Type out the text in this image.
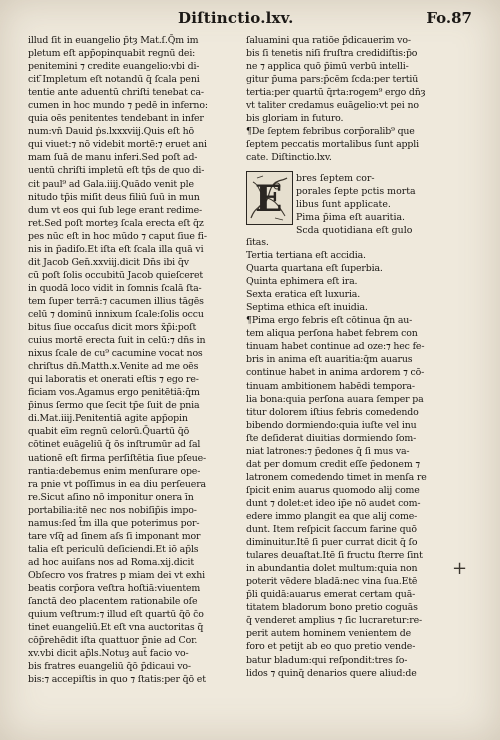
Diſtinctio.lxv.	Fo.87
illud ſit in euangelio p̄tȝ Mat.ſ.Q̄m im
pletum eſt app̄opinquabit regnū dei:
penitemini ⁊ credite euangelio:vbi di-
cit ̄Impletum eſt notandū q̄ ſcala peni
tentie ante aduentū chriſti tenebat ca-
cumen in hoc mundo ⁊ pedē in inferno:
quia oēs penitentes tendebant in infer
num:vn̄ Dauid ṗs.lxxxviij.Quis eſt hō
qui viuet:⁊ nō videbit mortē:⁊ eruet ani
mam ſuā de manu inferi.Sed poſt ad-
uentū chriſti impletū eſt tp̄s de quo di-
cit paul⁹ ad Gala.iiij.Quādo venit ple
nitudo tp̄is miſit deus filiū ſuū in mun
dum vt eos qui ſub lege erant redime-
ret.Sed poſt morteȝ ſcala erecta eſt q̄z
pes nūc eſt in hoc mūdo ⁊ caput ſiue fi-
nis in p̄adiſo.Et iſta eſt ſcala illa quā vi
dit Jacob Gen̄.xxviij.dicit Dn̄s ibi q̄v
cū poſt ſolis occubitū Jacob quieſceret
in quodā loco vidit in ſomnis ſcalā ſta-
tem ſuper terrā:⁊ cacumen illius tāgēs
celū ⁊ dominū innixum ſcale:ſolis occu
bitus ſiue occaſus dicit mors x̄p̄i:poſt
cuius mortē erecta ſuit in celū:⁊ dn̄s in
nixus ſcale de cu⁹ cacumine vocat nos
chriſtus dn̄.Matth.x.Venite ad me oēs
qui laboratis et onerati eſtis ⁊ ego re-
ficiam vos.Agamus ergo penitētiā:q̄m
p̄inus ſermo que ſecit tp̄e ſuit de pnia
di.Mat.iiij.Penitentiā agite app̄opin
quabit eīm regnū celorū.Q̄uartū q̄ō
cōtinet euāgeliū q̄ ōs inſtrumūr ad ſal
uationē eſt firma perſiſtētia ſiue pſeue-
rantia:debemus enim menſurare ope-
ra pnie vt poſſimus in ea diu perſeuera
re.Sicut aſino nō imponitur onera īn
portabilia:itē nec nos nobiſip̄is impo-
namus:ſed t̄m illa que poterimus por-
tare vſq̄ ad ſinem aſs ſi imponant mor
talia eſt periculū deſiciendi.Et iō ap̄ls
ad hoc auiſans nos ad Roma.xij.dicit
Obſecro vos fratres p miam dei vt exhi
beatis corp̄ora veſtra hoſtiā:viuentem
ſanctā deo placentem rationabile oſe
quium veſtrum:⁊ illud eſt quartū q̄ō c̄o
tinet euangeliū.Et eſt vna auctoritas q̄
cōp̄rehēdit iſta quattuor p̄nie ad Cor.
xv.vbi dicit ap̄ls.Notuȝ aut̄ facio vo-
bis fratres euangeliū q̄ō p̄dicaui vo-
bis:⁊ accepiſtis in quo ⁊ ſtatis:per q̄ō et
ſaluamini qua ratiōe p̄dicauerim vo-
bis ſi tenetis niſi fruſtra credidiſtis:p̄o
ne ⁊ applica quō p̄imū verbū intelli-
gitur p̄uma pars:p̄cēm ſcda:per tertiū
tertia:per quartū q̄rta:rogem⁹ ergo dn̄ȝ
vt taliter credamus euāgelio:vt pei no
bis gloriam in futuro.
¶De ſeptem febribus corp̄oralib⁹ que
ſeptem peccatis mortalibus ſunt appli
cate. Diſtinctio.lxv.
E bres ſeptem cor-
porales ſepte pctis morta
libus ſunt applicate.
Pima p̄ima eſt auaritia.
Scda quotidiana eſt gulo
ſitas.
Tertia tertiana eſt accidia.
Quarta quartana eſt ſuperbia.
Quinta ephimera eſt ira.
Sexta eratica eſt luxuria.
Septima ethica eſt inuidia.
¶Pima ergo febris eſt cōtinua q̄n au-
tem aliqua perſona habet febrem con
tinuam habet continue ad oze:⁊ hec fe-
bris in anima eſt auaritia:q̄m auarus
continue habet in anima ardorem ⁊ cō-
tinuam ambitionem habēdi tempora-
lia bona:quia perſona auara ſemper pa
titur dolorem iſtius febris comedendo
bibendo dormiendo:quia iuſte vel inu
ſte deſiderat diuitias dormiendo ſom-
niat latrones:⁊ p̄edones q̄ ſi mus va-
dat per domum credit eſſe p̄edonem ⁊
latronem comedendo timet in menſa re
ſpicit enim auarus quomodo alij come
dunt ⁊ dolet:et ideo ip̄e nō audet com-
edere immo plangit ea que alij come-
dunt. Item reſpicit ſaccum farine quō
diminuitur.Itē ſi puer currat dicit q̄ ſo
tulares deuaſtat.Itē ſi fructu ſterre ſint
in abundantia dolet multum:quia non
poterit vēdere bladā:nec vina ſua.Etē
p̄li quidā:auarus emerat certam quā-
titatem bladorum bono pretio coguās
q̄ venderet amplius ⁊ ſic lucraretur:re-
perit autem hominem venientem de
foro et petijt ab eo quo pretio vende-
batur bladum:qui reſpondit:tres ſo-
lidos ⁊ quinq̄ denarios quere aliud:de
+
